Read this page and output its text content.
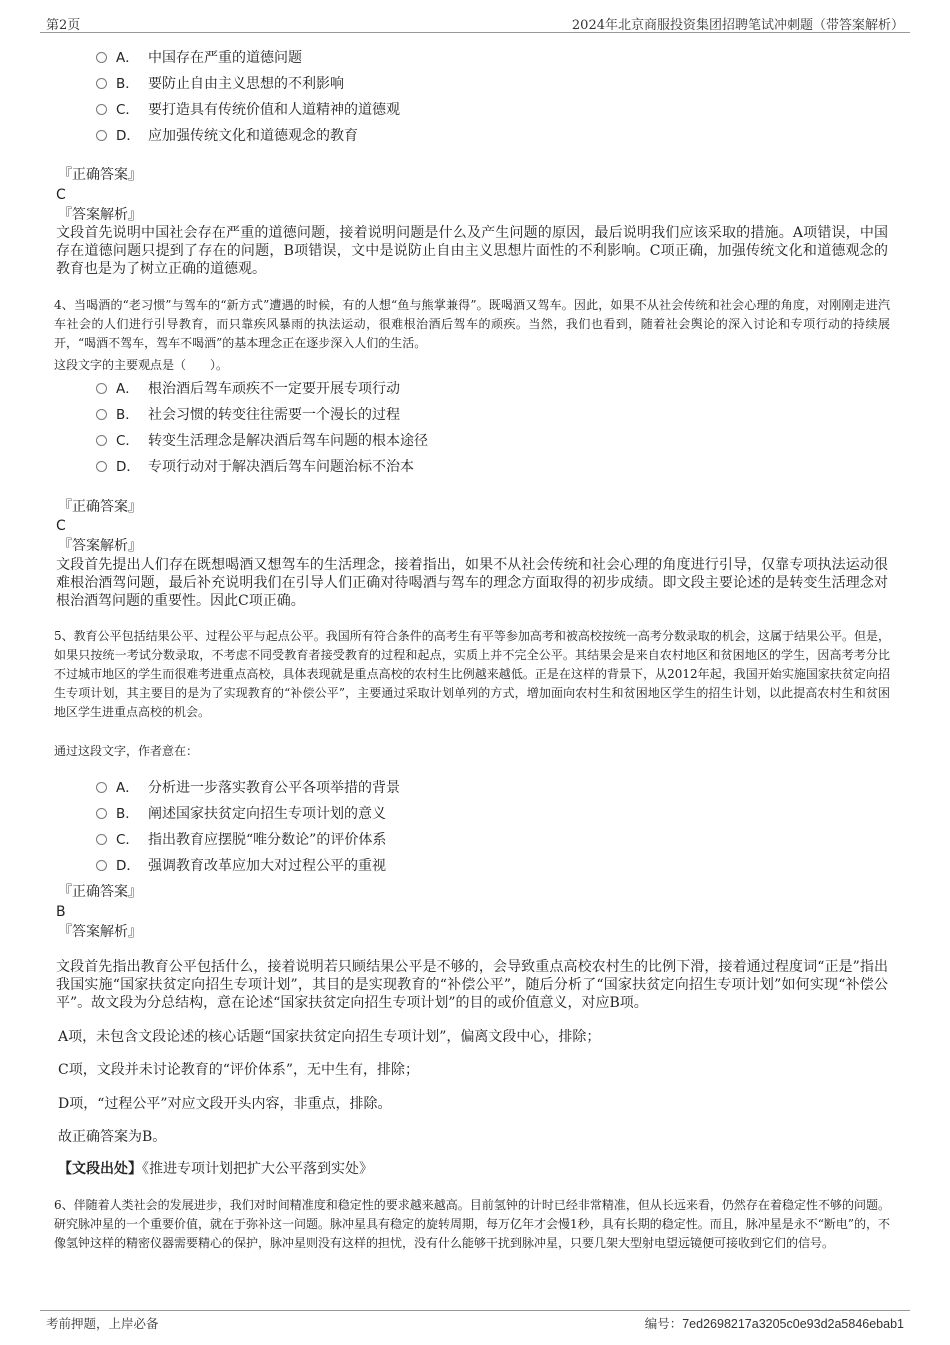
第2页	2024年北京商服投资集团招聘笔试冲刺题（带答案解析）
A． 中国存在严重的道德问题
B． 要防止自由主义思想的不利影响
C． 要打造具有传统价值和人道精神的道德观
D． 应加强传统文化和道德观念的教育
『正确答案』
C
『答案解析』
文段首先说明中国社会存在严重的道德问题，接着说明问题是什么及产生问题的原因，最后说明我们应该采取的措施。A项错误，中国存在道德问题只提到了存在的问题，B项错误，文中是说防止自由主义思想片面性的不利影响。C项正确，加强传统文化和道德观念的教育也是为了树立正确的道德观。
4、当喝酒的“老习惯”与驾车的“新方式”遭遇的时候，有的人想“鱼与熊掌兼得”。既喝酒又驾车。因此，如果不从社会传统和社会心理的角度，对刚刚走进汽车社会的人们进行引导教育，而只靠疾风暴雨的执法运动，很难根治酒后驾车的顽疾。当然，我们也看到，随着社会舆论的深入讨论和专项行动的持续展开，“喝酒不驾车，驾车不喝酒”的基本理念正在逐步深入人们的生活。
这段文字的主要观点是（　　）。
A． 根治酒后驾车顽疾不一定要开展专项行动
B． 社会习惯的转变往往需要一个漫长的过程
C． 转变生活理念是解决酒后驾车问题的根本途径
D． 专项行动对于解决酒后驾车问题治标不治本
『正确答案』
C
『答案解析』
文段首先提出人们存在既想喝酒又想驾车的生活理念，接着指出，如果不从社会传统和社会心理的角度进行引导，仅靠专项执法运动很难根治酒驾问题，最后补充说明我们在引导人们正确对待喝酒与驾车的理念方面取得的初步成绩。即文段主要论述的是转变生活理念对根治酒驾问题的重要性。因此C项正确。
5、教育公平包括结果公平、过程公平与起点公平。我国所有符合条件的高考生有平等参加高考和被高校按统一高考分数录取的机会，这属于结果公平。但是，如果只按统一考试分数录取，不考虑不同受教育者接受教育的过程和起点，实质上并不完全公平。其结果会是来自农村地区和贫困地区的学生，因高考考分比不过城市地区的学生而很难考进重点高校，具体表现就是重点高校的农村生比例越来越低。正是在这样的背景下，从2012年起，我国开始实施国家扶贫定向招生专项计划，其主要目的是为了实现教育的“补偿公平”，主要通过采取计划单列的方式，增加面向农村生和贫困地区学生的招生计划，以此提高农村生和贫困地区学生进重点高校的机会。
通过这段文字，作者意在：
A． 分析进一步落实教育公平各项举措的背景
B． 阐述国家扶贫定向招生专项计划的意义
C． 指出教育应摆脱“唯分数论”的评价体系
D． 强调教育改革应加大对过程公平的重视
『正确答案』
B
『答案解析』
文段首先指出教育公平包括什么，接着说明若只顾结果公平是不够的，会导致重点高校农村生的比例下滑，接着通过程度词“正是”指出我国实施“国家扶贫定向招生专项计划”，其目的是实现教育的“补偿公平”，随后分析了“国家扶贫定向招生专项计划”如何实现“补偿公平”。故文段为分总结构，意在论述“国家扶贫定向招生专项计划”的目的或价值意义，对应B项。
A项，未包含文段论述的核心话题“国家扶贫定向招生专项计划”，偏离文段中心，排除；
C项，文段并未讨论教育的“评价体系”，无中生有，排除；
D项，“过程公平”对应文段开头内容，非重点，排除。
故正确答案为B。
【文段出处】《推进专项计划把扩大公平落到实处》
6、伴随着人类社会的发展进步，我们对时间精准度和稳定性的要求越来越高。目前氢钟的计时已经非常精准，但从长远来看，仍然存在着稳定性不够的问题。研究脉冲星的一个重要价值，就在于弥补这一问题。脉冲星具有稳定的旋转周期，每万亿年才会慢1秒，具有长期的稳定性。而且，脉冲星是永不“断电”的，不像氢钟这样的精密仪器需要精心的保护，脉冲星则没有这样的担忧，没有什么能够干扰到脉冲星，只要几架大型射电望远镜便可接收到它们的信号。
考前押题，上岸必备	编号：7ed2698217a3205c0e93d2a5846ebab1
